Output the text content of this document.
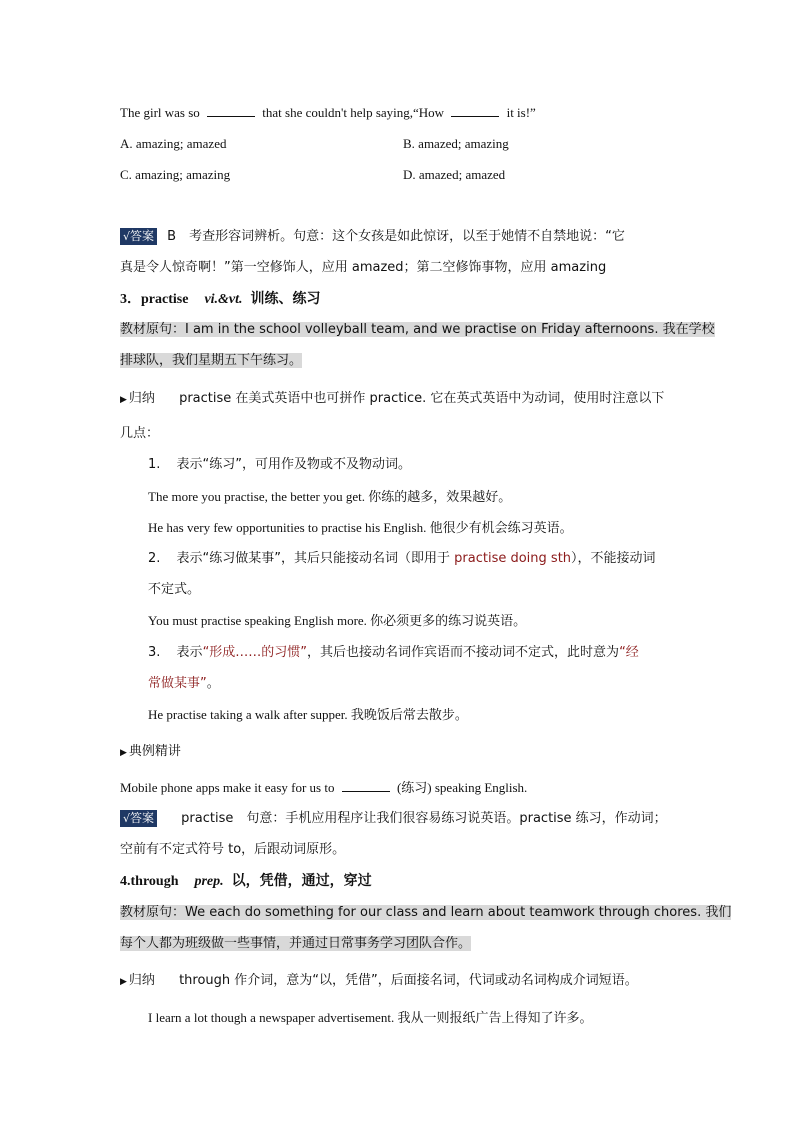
The girl was so	that she couldn't help saying,“How	it is!”
A. amazing; amazed	B. amazed; amazing
C. amazing; amazing	D. amazed; amazed
√答案 B　考查形容词辨析。句意：这个女孩是如此惊讶，以至于她情不自禁地说：“它
真是令人惊奇啊！”第一空修饰人，应用 amazed；第二空修饰事物，应用 amazing
3．practise vi.&vt. 训练、练习
教材原句：I am in the school volleyball team, and we practise on Friday afternoons. 我在学校
排球队，我们星期五下午练习。
▶ 归纳 practise 在美式英语中也可拼作 practice. 它在英式英语中为动词，使用时注意以下
几点：
1. 表示“练习”，可用作及物或不及物动词。
The more you practise, the better you get. 你练的越多，效果越好。
He has very few opportunities to practise his English. 他很少有机会练习英语。
2. 表示“练习做某事”，其后只能接动名词（即用于 practise doing sth），不能接动词
不定式。
You must practise speaking English more. 你必须更多的练习说英语。
3. 表示“形成……的习惯”，其后也接动名词作宾语而不接动词不定式，此时意为“经
常做某事”。
He practise taking a walk after supper. 我晚饭后常去散步。
▶ 典例精讲
Mobile phone apps make it easy for us to	(练习) speaking English.
√答案 practise　句意：手机应用程序让我们很容易练习说英语。practise 练习，作动词；
空前有不定式符号 to，后跟动词原形。
4.through prep. 以，凭借，通过，穿过
教材原句：We each do something for our class and learn about teamwork through chores. 我们
每个人都为班级做一些事情，并通过日常事务学习团队合作。
▶ 归纳 through 作介词，意为“以，凭借”，后面接名词，代词或动名词构成介词短语。
I learn a lot though a newspaper advertisement. 我从一则报纸广告上得知了许多。
